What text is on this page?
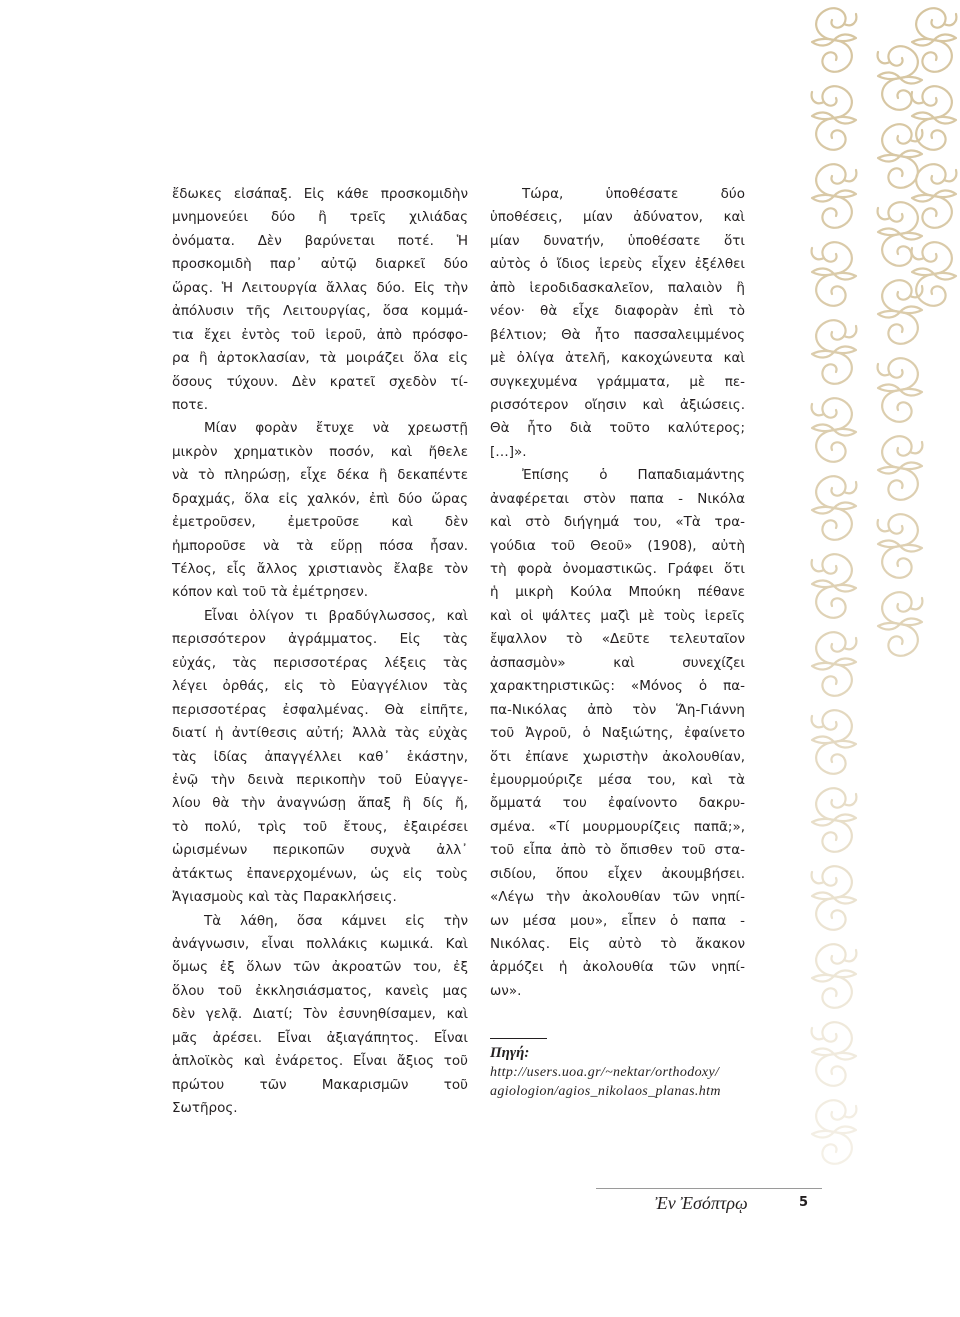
ἔδωκες εἰσάπαξ. Εἰς κάθε προσκομιδὴν
μνημονεύει δύο ἢ τρεῖς χιλιάδας
ὀνόματα. Δὲν βαρύνεται ποτέ. Ἡ
προσκομιδὴ παρ᾽ αὐτῷ διαρκεῖ δύο
ὥρας. Ἡ Λειτουργία ἄλλας δύο. Εἰς τὴν
ἀπόλυσιν τῆς Λειτουργίας, ὅσα κομμά-
τια ἔχει ἐντὸς τοῦ ἱεροῦ, ἀπὸ πρόσφο-
ρα ἢ ἀρτοκλασίαν, τὰ μοιράζει ὅλα εἰς
ὅσους τύχουν. Δὲν κρατεῖ σχεδὸν τί-
ποτε.
Μίαν φορὰν ἔτυχε νὰ χρεωστῇ
μικρὸν χρηματικὸν ποσόν, καὶ ἤθελε
νὰ τὸ πληρώσῃ, εἶχε δέκα ἢ δεκαπέντε
δραχμάς, ὅλα εἰς χαλκόν, ἐπὶ δύο ὥρας
ἐμετροῦσεν, ἐμετροῦσε καὶ δὲν
ἠμποροῦσε νὰ τὰ εὕρῃ πόσα ἦσαν.
Τέλος, εἷς ἄλλος χριστιανὸς ἔλαβε τὸν
κόπον καὶ τοῦ τὰ ἐμέτρησεν.
Εἶναι ὀλίγον τι βραδύγλωσσος, καὶ
περισσότερον ἀγράμματος. Εἰς τὰς
εὐχάς, τὰς περισσοτέρας λέξεις τὰς
λέγει ὀρθάς, εἰς τὸ Εὐαγγέλιον τὰς
περισσοτέρας ἐσφαλμένας. Θὰ εἰπῆτε,
διατί ἡ ἀντίθεσις αὐτή; Ἀλλὰ τὰς εὐχὰς
τὰς ἰδίας ἀπαγγέλλει καθ᾽ ἑκάστην,
ἐνῷ τὴν δεινὰ περικοπὴν τοῦ Εὐαγγε-
λίου θὰ τὴν ἀναγνώσῃ ἅπαξ ἢ δίς ἤ,
τὸ πολύ, τρὶς τοῦ ἔτους, ἐξαιρέσει
ὡρισμένων περικοπῶν συχνὰ ἀλλ᾽
ἀτάκτως ἐπανερχομένων, ὡς εἰς τοὺς
Ἁγιασμοὺς καὶ τὰς Παρακλήσεις.
Τὰ λάθη, ὅσα κάμνει εἰς τὴν
ἀνάγνωσιν, εἶναι πολλάκις κωμικά. Καὶ
ὅμως ἐξ ὅλων τῶν ἀκροατῶν του, ἐξ
ὅλου τοῦ ἐκκλησιάσματος, κανεὶς μας
δὲν γελᾷ. Διατί; Τὸν ἐσυνηθίσαμεν, καὶ
μᾶς ἀρέσει. Εἶναι ἀξιαγάπητος. Εἶναι
ἁπλοϊκὸς καὶ ἐνάρετος. Εἶναι ἄξιος τοῦ
πρώτου τῶν Μακαρισμῶν τοῦ
Σωτῆρος.
Τώρα, ὑποθέσατε δύο
ὑποθέσεις, μίαν ἀδύνατον, καὶ
μίαν δυνατήν, ὑποθέσατε ὅτι
αὐτὸς ὁ ἴδιος ἱερεὺς εἶχεν ἐξέλθει
ἀπὸ ἱεροδιδασκαλεῖον, παλαιὸν ἢ
νέον· θὰ εἶχε διαφορὰν ἐπὶ τὸ
βέλτιον; Θὰ ἦτο πασσαλειμμένος
μὲ ὀλίγα ἀτελῆ, κακοχώνευτα καὶ
συγκεχυμένα γράμματα, μὲ πε-
ρισσότερον οἴησιν καὶ ἀξιώσεις.
Θὰ ἦτο διὰ τοῦτο καλύτερος;
[…]».
Ἐπίσης ὁ Παπαδιαμάντης
ἀναφέρεται στὸν παπα - Νικόλα
καὶ στὸ διήγημά του, «Τὰ τρα-
γούδια τοῦ Θεοῦ» (1908), αὐτὴ
τὴ φορὰ ὀνομαστικῶς. Γράφει ὅτι
ἡ μικρὴ Κούλα Μπούκη πέθανε
καὶ οἱ ψάλτες μαζὶ μὲ τοὺς ἱερεῖς
ἔψαλλον τὸ «Δεῦτε τελευταῖον
ἀσπασμὸν» καὶ συνεχίζει
χαρακτηριστικῶς: «Μόνος ὁ πα-
πα-Νικόλας ἀπὸ τὸν Ἅη-Γιάννη
τοῦ Ἀγροῦ, ὁ Ναξιώτης, ἐφαίνετο
ὅτι ἐπίανε χωριστὴν ἀκολουθίαν,
ἐμουρμούριζε μέσα του, καὶ τὰ
ὄμματά του ἐφαίνοντο δακρυ-
σμένα. «Τί μουρμουρίζεις παπᾶ;»,
τοῦ εἶπα ἀπὸ τὸ ὄπισθεν τοῦ στα-
σιδίου, ὅπου εἶχεν ἀκουμβήσει.
«Λέγω τὴν ἀκολουθίαν τῶν νηπί-
ων μέσα μου», εἶπεν ὁ παπα -
Νικόλας. Εἰς αὐτὸ τὸ ἄκακον
ἁρμόζει ἡ ἀκολουθία τῶν νηπί-
ων».
Πηγή:
http://users.uoa.gr/~nektar/orthodoxy/
agiologion/agios_nikolaos_planas.htm
Ἐν Ἐσόπτρῳ	5
